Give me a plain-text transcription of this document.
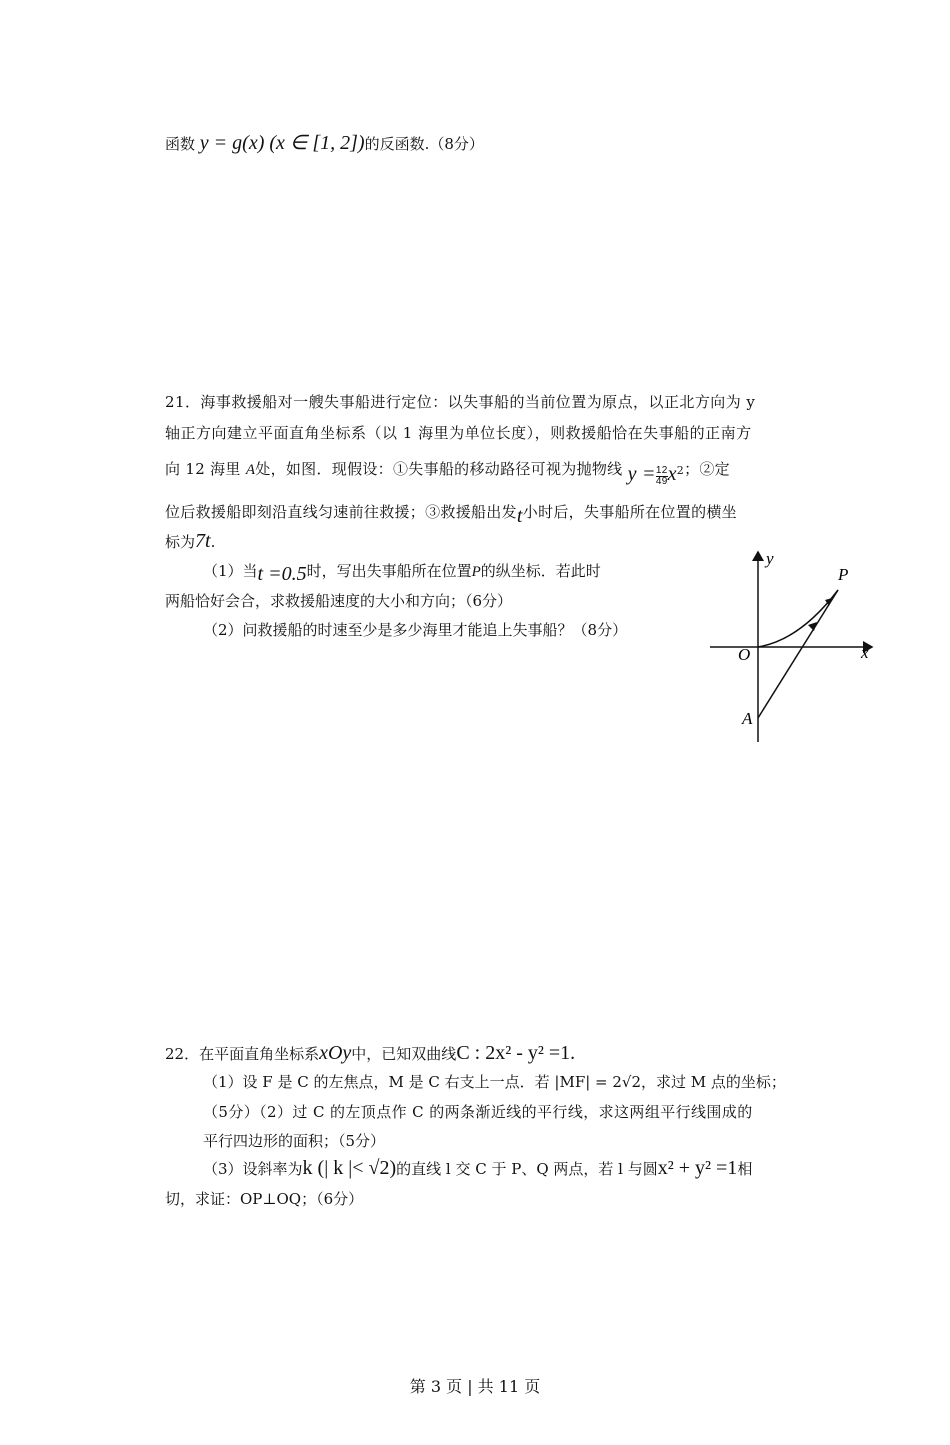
函数 y = g(x) (x ∈ [1, 2])的反函数.（8分）
21．海事救援船对一艘失事船进行定位：以失事船的当前位置为原点，以正北方向为 y
轴正方向建立平面直角坐标系（以 1 海里为单位长度），则救援船恰在失事船的正南方
向 12 海里 A处，如图．现假设：①失事船的移动路径可视为抛物线 $y = \frac{12}{49} x^2$；②定
位后救援船即刻沿直线匀速前往救援；③救援船出发t小时后，失事船所在位置的横坐
标为7t.
（1）当t =0.5时，写出失事船所在位置P的纵坐标．若此时
两船恰好会合，求救援船速度的大小和方向；（6分）
（2）问救援船的时速至少是多少海里才能追上失事船？（8分）
y
P
O	x
A
22．在平面直角坐标系xOy中，已知双曲线C : 2x² - y² =1.
（1）设 F 是 C 的左焦点，M 是 C 右支上一点．若 |MF| = 2√2，求过 M 点的坐标；
（5分）（2）过 C 的左顶点作 C 的两条渐近线的平行线，求这两组平行线围成的
平行四边形的面积；（5分）
（3）设斜率为k (| k |< √2)的直线 l 交 C 于 P、Q 两点，若 l 与圆x² + y² =1相
切，求证：OP⊥OQ；（6分）
第 3 页 | 共 11 页
